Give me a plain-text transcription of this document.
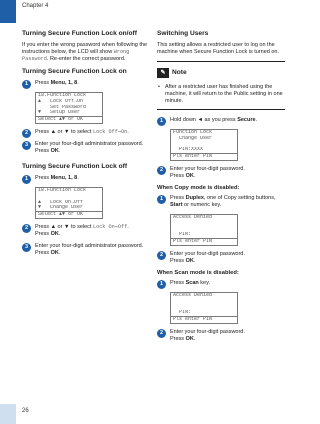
Chapter 4
Turning Secure Function Lock on/off
If you enter the wrong password when following the instructions below, the LCD will show Wrong Password. Re-enter the correct password.
Turning Secure Function Lock on
1	Press Menu, 1, 8.
18.Function Lock
▲   Lock Off→On
Set Password
▼   Setup User
Select ▲▼ or OK
2	Press ▲ or ▼ to select Lock Off⇒On.
3	Enter your four-digit administrator password.
Press OK.
Turning Secure Function Lock off
1	Press Menu, 1, 8.
18.Function Lock
▲   Lock On→Off
▼   Change User
Select ▲▼ or OK
2	Press ▲ or ▼ to select Lock On⇒Off.
Press OK.
3	Enter your four-digit administrator password.
Press OK.
Switching Users
This setting allows a restricted user to log on the machine when Secure Function Lock is turned on.
✎ Note
• After a restricted user has finished using the machine, it will return to the Public setting in one minute.
1	Hold down ◄ as you press Secure.
Function Lock
Change User
PIN:XXXX
Pls enter PIN
2	Enter your four-digit password.
Press OK.
When Copy mode is disabled:
1	Press Duplex, one of Copy setting buttons, Start or numeric key.
Access Denied
PIN:
Pls enter PIN
2	Enter your four-digit password.
Press OK.
When Scan mode is disabled:
1	Press Scan key.
Access Denied
PIN:
Pls enter PIN
2	Enter your four-digit password.
Press OK.
26
